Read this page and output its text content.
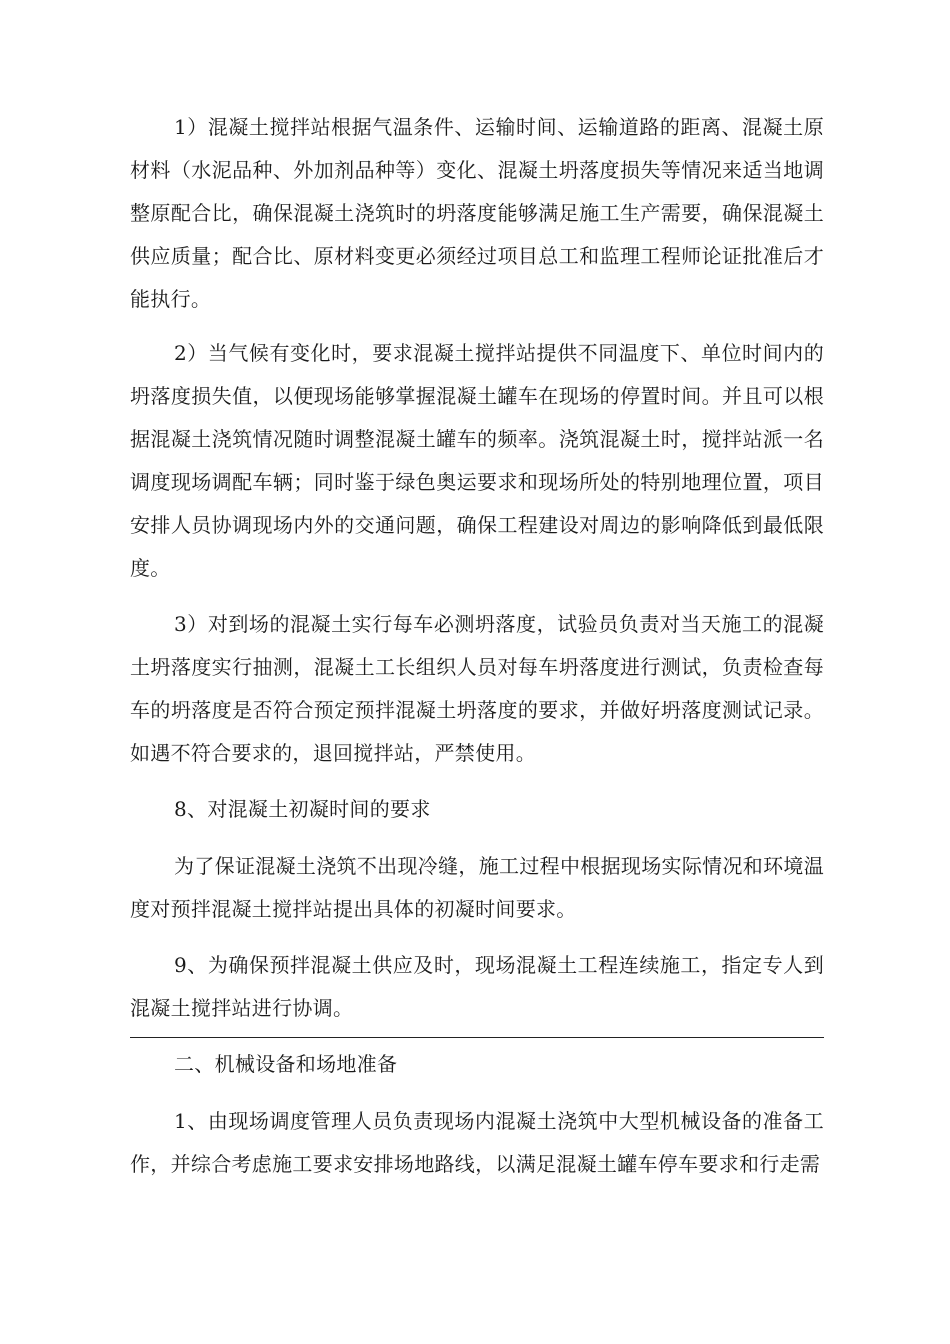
1）混凝土搅拌站根据气温条件、运输时间、运输道路的距离、混凝土原材料（水泥品种、外加剂品种等）变化、混凝土坍落度损失等情况来适当地调整原配合比，确保混凝土浇筑时的坍落度能够满足施工生产需要，确保混凝土供应质量；配合比、原材料变更必须经过项目总工和监理工程师论证批准后才能执行。

2）当气候有变化时，要求混凝土搅拌站提供不同温度下、单位时间内的坍落度损失值，以便现场能够掌握混凝土罐车在现场的停置时间。并且可以根据混凝土浇筑情况随时调整混凝土罐车的频率。浇筑混凝土时，搅拌站派一名调度现场调配车辆；同时鉴于绿色奥运要求和现场所处的特别地理位置，项目安排人员协调现场内外的交通问题，确保工程建设对周边的影响降低到最低限度。

3）对到场的混凝土实行每车必测坍落度，试验员负责对当天施工的混凝土坍落度实行抽测，混凝土工长组织人员对每车坍落度进行测试，负责检查每车的坍落度是否符合预定预拌混凝土坍落度的要求，并做好坍落度测试记录。如遇不符合要求的，退回搅拌站，严禁使用。

8、对混凝土初凝时间的要求

为了保证混凝土浇筑不出现冷缝，施工过程中根据现场实际情况和环境温度对预拌混凝土搅拌站提出具体的初凝时间要求。

9、为确保预拌混凝土供应及时，现场混凝土工程连续施工，指定专人到混凝土搅拌站进行协调。

二、机械设备和场地准备

1、由现场调度管理人员负责现场内混凝土浇筑中大型机械设备的准备工作，并综合考虑施工要求安排场地路线，以满足混凝土罐车停车要求和行走需
